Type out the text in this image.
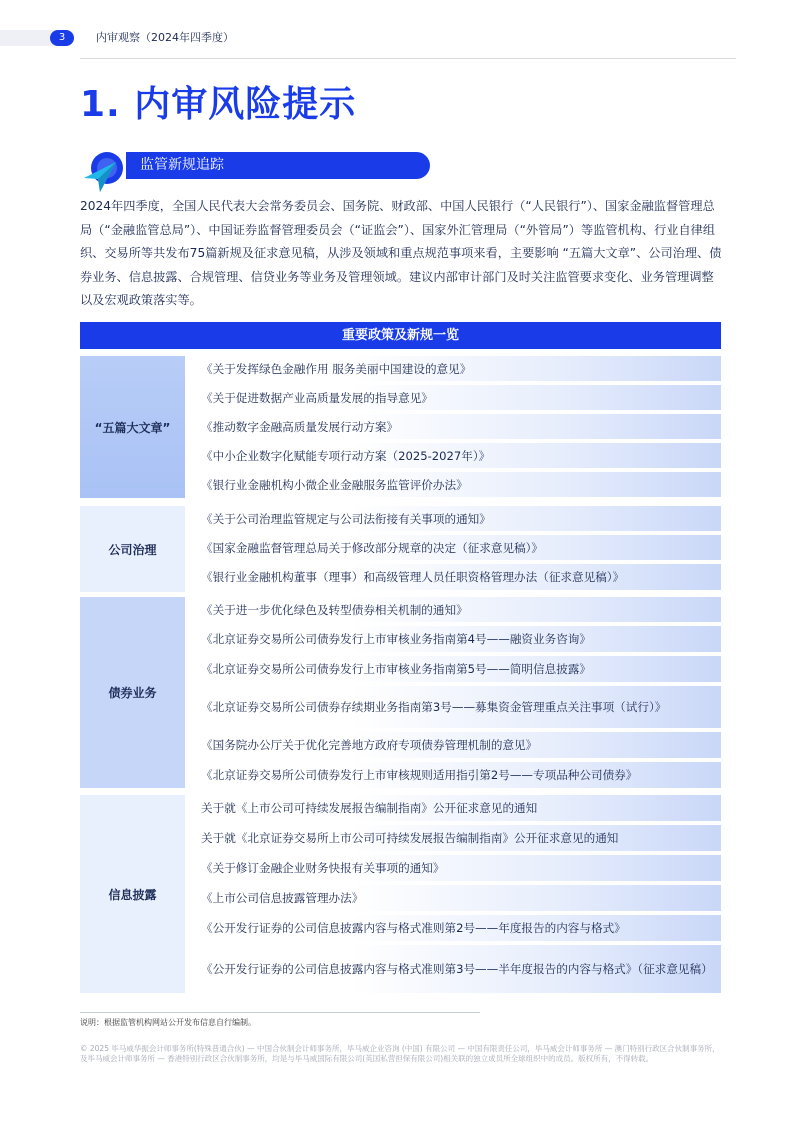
3	内审观察（2024年四季度）
1. 内审风险提示
监管新规追踪

2024年四季度，全国人民代表大会常务委员会、国务院、财政部、中国人民银行（“人民银行”）、国家金融监督管理总局（“金融监管总局”）、中国证券监督管理委员会（“证监会”）、国家外汇管理局（“外管局”）等监管机构、行业自律组织、交易所等共发布75篇新规及征求意见稿，从涉及领域和重点规范事项来看，主要影响 “五篇大文章”、公司治理、债券业务、信息披露、合规管理、信贷业务等业务及管理领域。建议内部审计部门及时关注监管要求变化、业务管理调整以及宏观政策落实等。

重要政策及新规一览
“五篇大文章”
《关于发挥绿色金融作用 服务美丽中国建设的意见》
《关于促进数据产业高质量发展的指导意见》
《推动数字金融高质量发展行动方案》
《中小企业数字化赋能专项行动方案（2025-2027年）》
《银行业金融机构小微企业金融服务监管评价办法》
公司治理
《关于公司治理监管规定与公司法衔接有关事项的通知》
《国家金融监督管理总局关于修改部分规章的决定（征求意见稿）》
《银行业金融机构董事（理事）和高级管理人员任职资格管理办法（征求意见稿）》
债券业务
《关于进一步优化绿色及转型债券相关机制的通知》
《北京证券交易所公司债券发行上市审核业务指南第4号——融资业务咨询》
《北京证券交易所公司债券发行上市审核业务指南第5号——简明信息披露》
《北京证券交易所公司债券存续期业务指南第3号——募集资金管理重点关注事项（试行）》
《国务院办公厅关于优化完善地方政府专项债券管理机制的意见》
《北京证券交易所公司债券发行上市审核规则适用指引第2号——专项品种公司债券》
信息披露
关于就《上市公司可持续发展报告编制指南》公开征求意见的通知
关于就《北京证券交易所上市公司可持续发展报告编制指南》公开征求意见的通知
《关于修订金融企业财务快报有关事项的通知》
《上市公司信息披露管理办法》
《公开发行证券的公司信息披露内容与格式准则第2号——年度报告的内容与格式》
《公开发行证券的公司信息披露内容与格式准则第3号——半年度报告的内容与格式》（征求意见稿）
说明：根据监管机构网站公开发布信息自行编制。
© 2025 毕马威华振会计师事务所(特殊普通合伙) — 中国合伙制会计师事务所，毕马威企业咨询 (中国) 有限公司 — 中国有限责任公司，毕马威会计师事务所 — 澳门特别行政区合伙制事务所，及毕马威会计师事务所 — 香港特别行政区合伙制事务所，均是与毕马威国际有限公司(英国私营担保有限公司)相关联的独立成员所全球组织中的成员。版权所有，不得转载。
